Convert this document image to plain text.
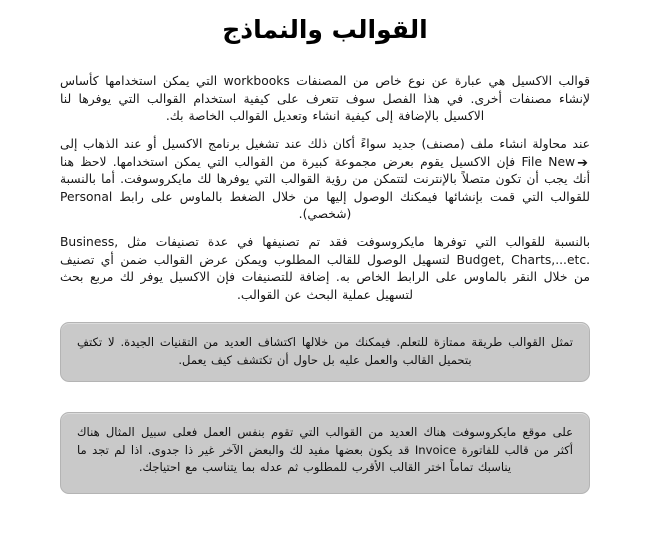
القوالب والنماذج

قوالب الاكسيل هي عبارة عن نوع خاص من المصنفات workbooks التي يمكن استخدامها كأساس لإنشاء مصنفات أخرى. في هذا الفصل سوف تتعرف على كيفية استخدام القوالب التي يوفرها لنا الاكسيل بالإضافة إلى كيفية انشاء وتعديل القوالب الخاصة بك.

عند محاولة انشاء ملف (مصنف) جديد سواءً أكان ذلك عند تشغيل برنامج الاكسيل أو عند الذهاب إلى ➔File New فإن الاكسيل يقوم بعرض مجموعة كبيرة من القوالب التي يمكن استخدامها. لاحظ هنا أنك يجب أن تكون متصلاً بالإنترنت لتتمكن من رؤية القوالب التي يوفرها لك مايكروسوفت. أما بالنسبة للقوالب التي قمت بإنشائها فيمكنك الوصول إليها من خلال الضغط بالماوس على رابط Personal (شخصي).

بالنسبة للقوالب التي توفرها مايكروسوفت فقد تم تصنيفها في عدة تصنيفات مثل Business, Budget, Charts,...etc. لتسهيل الوصول للقالب المطلوب ويمكن عرض القوالب ضمن أي تصنيف من خلال النقر بالماوس على الرابط الخاص به. إضافة للتصنيفات فإن الاكسيل يوفر لك مربع بحث لتسهيل عملية البحث عن القوالب.

تمثل القوالب طريقة ممتازة للتعلم. فيمكنك من خلالها اكتشاف العديد من التقنيات الجيدة. لا تكتفِ بتحميل القالب والعمل عليه بل حاول أن تكتشف كيف يعمل.
على موقع مايكروسوفت هناك العديد من القوالب التي تقوم بنفس العمل فعلى سبيل المثال هناك أكثر من قالب للفاتورة Invoice قد يكون بعضها مفيد لك والبعض الآخر غير ذا جدوى. اذا لم تجد ما يناسبك تماماً اختر القالب الأقرب للمطلوب ثم عدله بما يتناسب مع احتياجك.
